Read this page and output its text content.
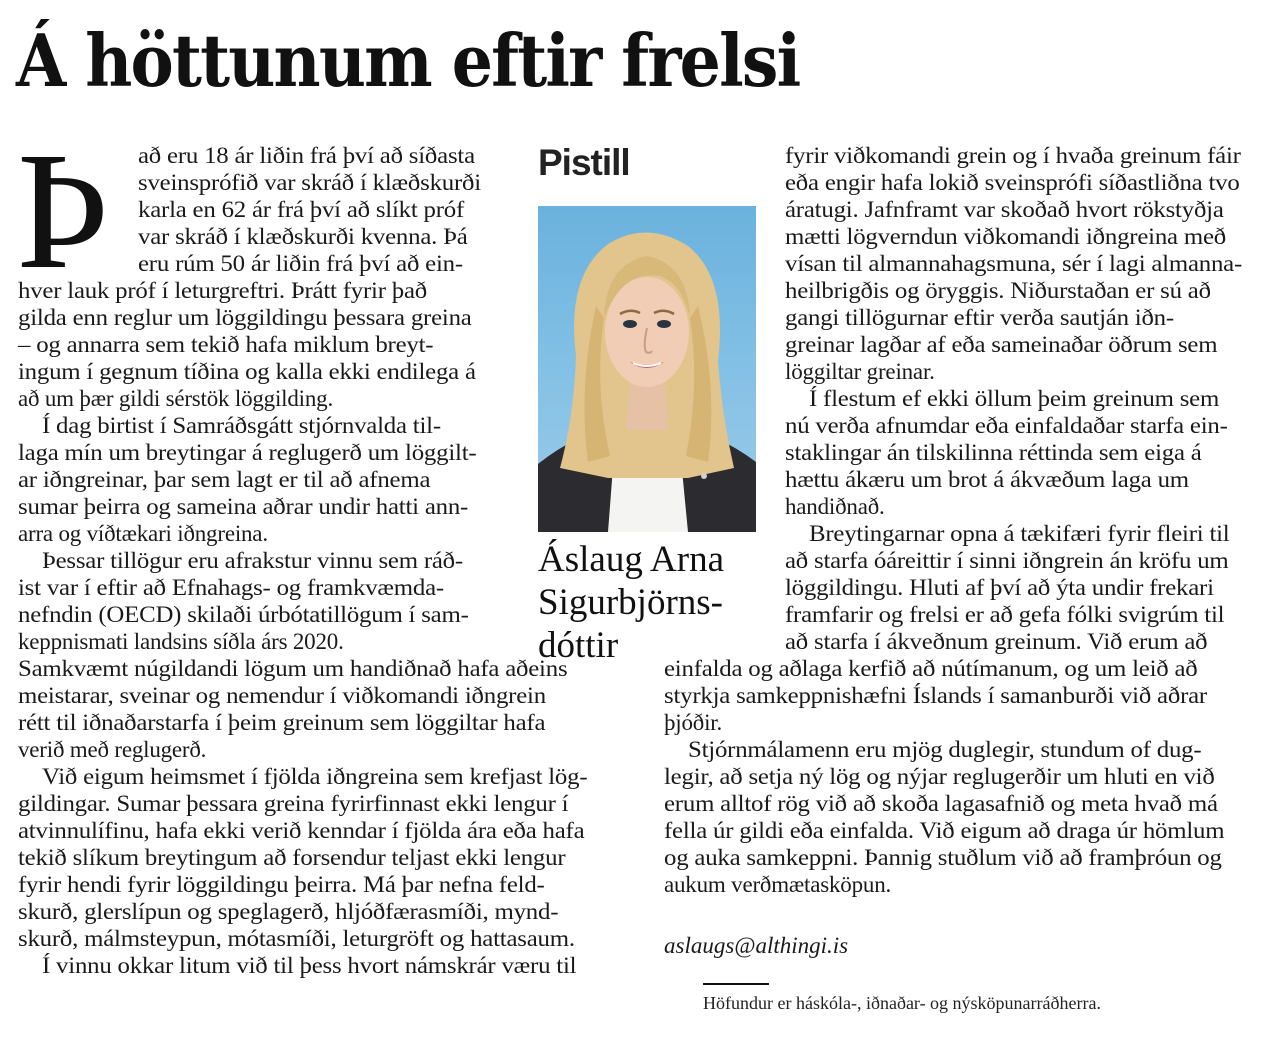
Á höttunum eftir frelsi
Þ að eru 18 ár liðin frá því að síðasta
sveinsprófið var skráð í klæðskurði
karla en 62 ár frá því að slíkt próf
var skráð í klæðskurði kvenna. Þá
eru rúm 50 ár liðin frá því að ein-
hver lauk próf í leturgreftri. Þrátt fyrir það
gilda enn reglur um löggildingu þessara greina
– og annarra sem tekið hafa miklum breyt-
ingum í gegnum tíðina og kalla ekki endilega á
að um þær gildi sérstök löggilding.
Í dag birtist í Samráðsgátt stjórnvalda til-
laga mín um breytingar á reglugerð um löggilt-
ar iðngreinar, þar sem lagt er til að afnema
sumar þeirra og sameina aðrar undir hatti ann-
arra og víðtækari iðngreina.
Þessar tillögur eru afrakstur vinnu sem ráð-
ist var í eftir að Efnahags- og framkvæmda-
nefndin (OECD) skilaði úrbótatillögum í sam-
keppnismati landsins síðla árs 2020.
Samkvæmt núgildandi lögum um handiðnað hafa aðeins
meistarar, sveinar og nemendur í viðkomandi iðngrein
rétt til iðnaðarstarfa í þeim greinum sem löggiltar hafa
verið með reglugerð.
Við eigum heimsmet í fjölda iðngreina sem krefjast lög-
gildingar. Sumar þessara greina fyrirfinnast ekki lengur í
atvinnulífinu, hafa ekki verið kenndar í fjölda ára eða hafa
tekið slíkum breytingum að forsendur teljast ekki lengur
fyrir hendi fyrir löggildingu þeirra. Má þar nefna feld-
skurð, glerslípun og speglagerð, hljóðfærasmíði, mynd-
skurð, málmsteypun, mótasmíði, leturgröft og hattasaum.
Í vinnu okkar litum við til þess hvort námskrár væru til
Pistill
Áslaug Arna
Sigurbjörns-
dóttir
fyrir viðkomandi grein og í hvaða greinum fáir
eða engir hafa lokið sveinsprófi síðastliðna tvo
áratugi. Jafnframt var skoðað hvort rökstyðja
mætti lögverndun viðkomandi iðngreina með
vísan til almannahagsmuna, sér í lagi almanna-
heilbrigðis og öryggis. Niðurstaðan er sú að
gangi tillögurnar eftir verða sautján iðn-
greinar lagðar af eða sameinaðar öðrum sem
löggiltar greinar.
Í flestum ef ekki öllum þeim greinum sem
nú verða afnumdar eða einfaldaðar starfa ein-
staklingar án tilskilinna réttinda sem eiga á
hættu ákæru um brot á ákvæðum laga um
handiðnað.
Breytingarnar opna á tækifæri fyrir fleiri til
að starfa óáreittir í sinni iðngrein án kröfu um
löggildingu. Hluti af því að ýta undir frekari
framfarir og frelsi er að gefa fólki svigrúm til
að starfa í ákveðnum greinum. Við erum að
einfalda og aðlaga kerfið að nútímanum, og um leið að
styrkja samkeppnishæfni Íslands í samanburði við aðrar
þjóðir.
Stjórnmálamenn eru mjög duglegir, stundum of dug-
legir, að setja ný lög og nýjar reglugerðir um hluti en við
erum alltof rög við að skoða lagasafnið og meta hvað má
fella úr gildi eða einfalda. Við eigum að draga úr hömlum
og auka samkeppni. Þannig stuðlum við að framþróun og
aukum verðmætasköpun.
aslaugs@althingi.is
Höfundur er háskóla-, iðnaðar- og nýsköpunarráðherra.
